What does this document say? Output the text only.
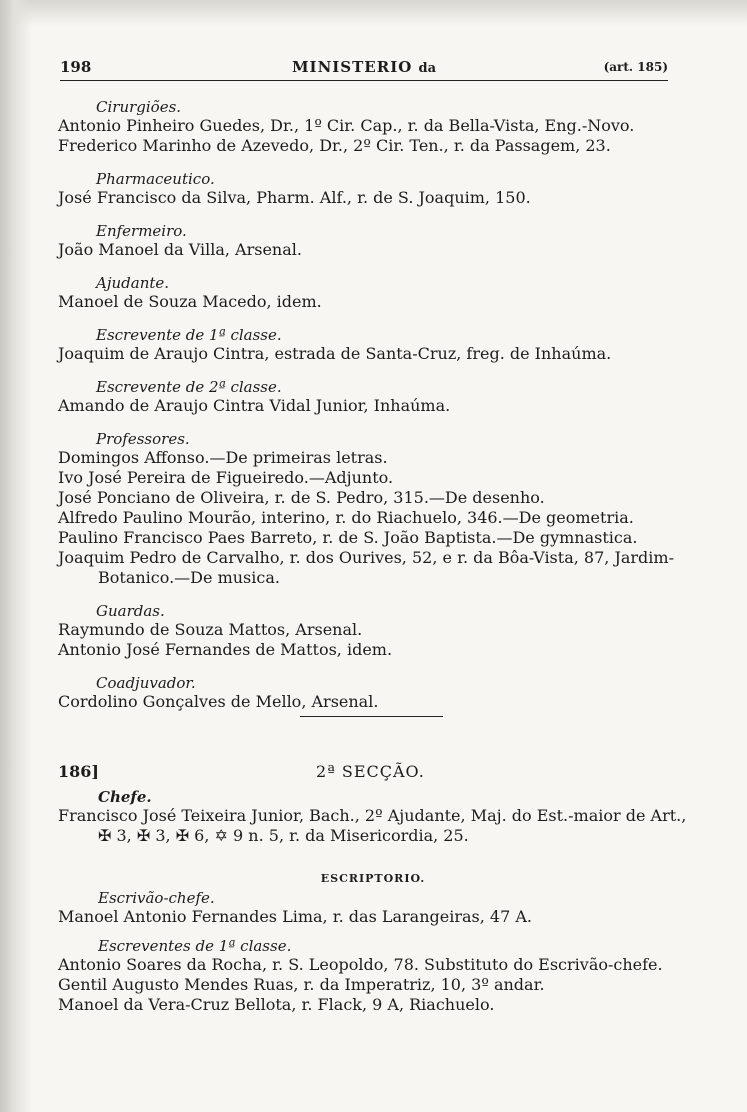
198	MINISTERIO da	(art. 185)
Cirurgiões.
Antonio Pinheiro Guedes, Dr., 1º Cir. Cap., r. da Bella-Vista, Eng.-Novo.
Frederico Marinho de Azevedo, Dr., 2º Cir. Ten., r. da Passagem, 23.
Pharmaceutico.
José Francisco da Silva, Pharm. Alf., r. de S. Joaquim, 150.
Enfermeiro.
João Manoel da Villa, Arsenal.
Ajudante.
Manoel de Souza Macedo, idem.
Escrevente de 1ª classe.
Joaquim de Araujo Cintra, estrada de Santa-Cruz, freg. de Inhaúma.
Escrevente de 2ª classe.
Amando de Araujo Cintra Vidal Junior, Inhaúma.
Professores.
Domingos Affonso.—De primeiras letras.
Ivo José Pereira de Figueiredo.—Adjunto.
José Ponciano de Oliveira, r. de S. Pedro, 315.—De desenho.
Alfredo Paulino Mourão, interino, r. do Riachuelo, 346.—De geometria.
Paulino Francisco Paes Barreto, r. de S. João Baptista.—De gymnastica.
Joaquim Pedro de Carvalho, r. dos Ourives, 52, e r. da Bôa-Vista, 87, Jardim-Botanico.—De musica.
Guardas.
Raymundo de Souza Mattos, Arsenal.
Antonio José Fernandes de Mattos, idem.
Coadjuvador.
Cordolino Gonçalves de Mello, Arsenal.
186]	2ª SECÇÃO.
Chefe.
Francisco José Teixeira Junior, Bach., 2º Ajudante, Maj. do Est.-maior de Art., ✠ 3, ✠ 3, ✠ 6, ✡ 9 n. 5, r. da Misericordia, 25.
ESCRIPTORIO.
Escrivão-chefe.
Manoel Antonio Fernandes Lima, r. das Larangeiras, 47 A.
Escreventes de 1ª classe.
Antonio Soares da Rocha, r. S. Leopoldo, 78. Substituto do Escrivão-chefe.
Gentil Augusto Mendes Ruas, r. da Imperatriz, 10, 3º andar.
Manoel da Vera-Cruz Bellota, r. Flack, 9 A, Riachuelo.
